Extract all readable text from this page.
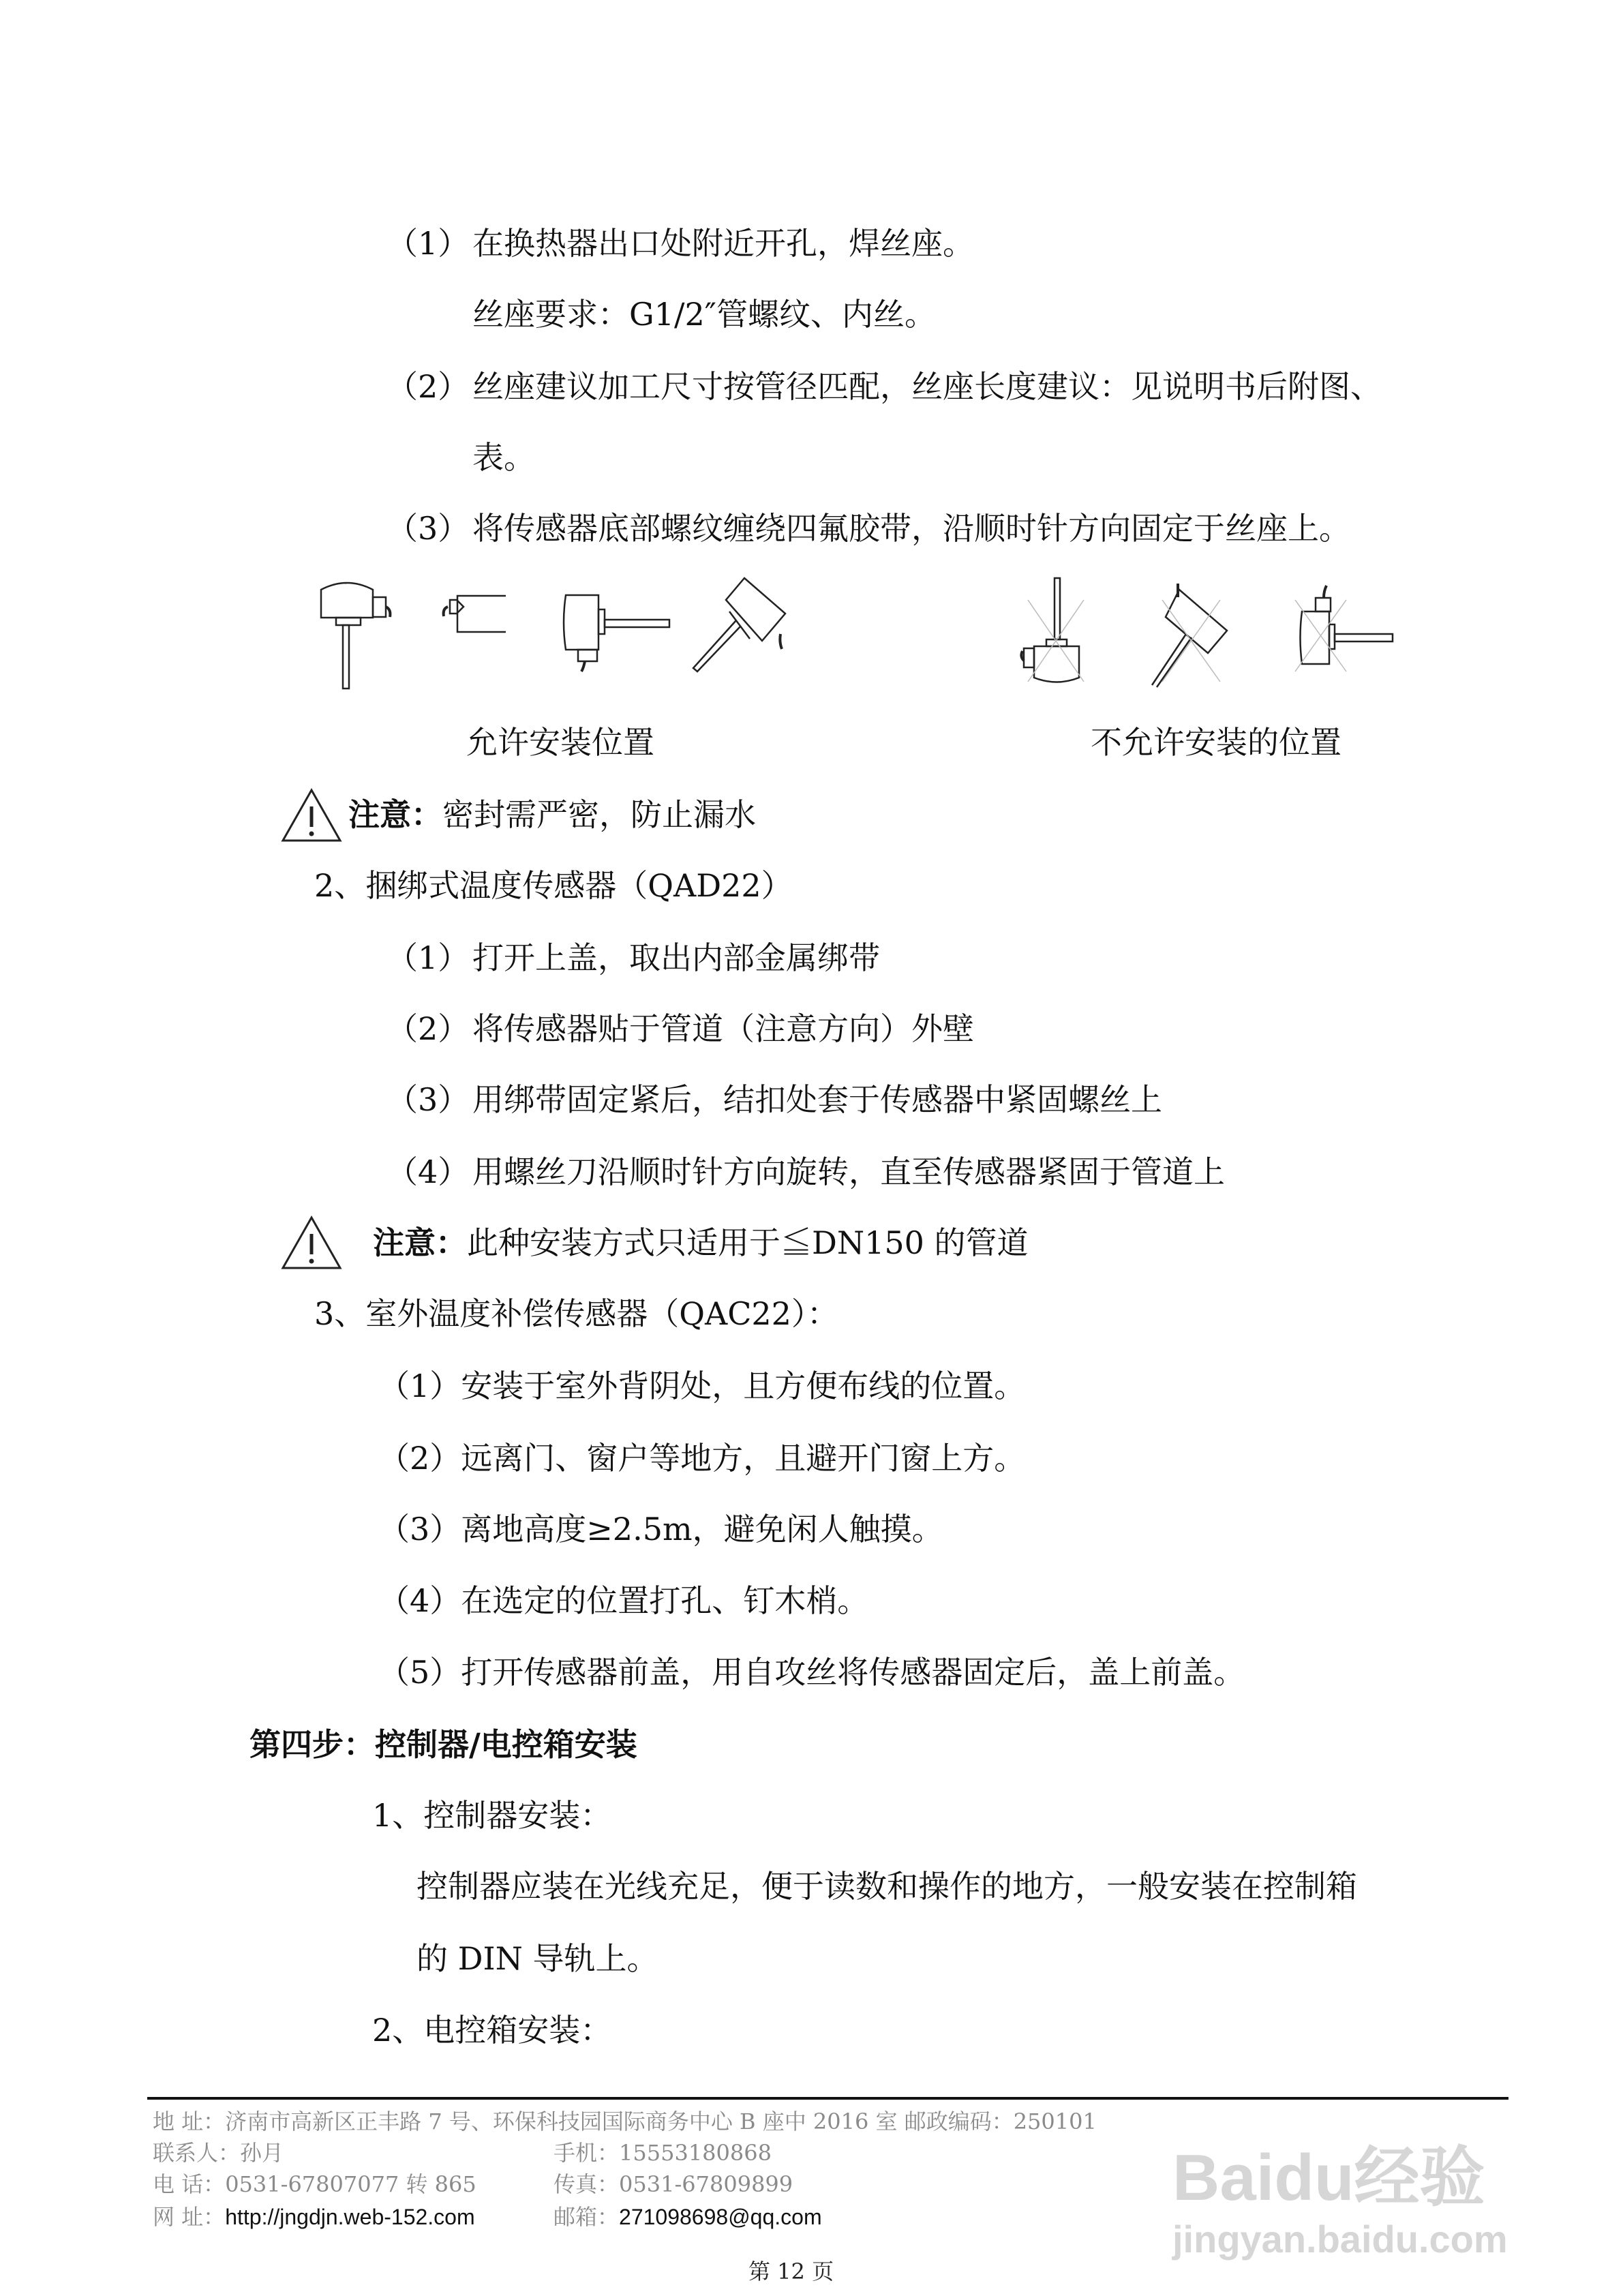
（1） 在换热器出口处附近开孔，焊丝座。
丝座要求：G1/2″管螺纹、内丝。
（2） 丝座建议加工尺寸按管径匹配，丝座长度建议：见说明书后附图、
表。
（3） 将传感器底部螺纹缠绕四氟胶带，沿顺时针方向固定于丝座上。
允许安装位置	不允许安装的位置
注意：密封需严密，防止漏水
2、捆绑式温度传感器（QAD22）
（1） 打开上盖，取出内部金属绑带
（2） 将传感器贴于管道（注意方向）外壁
（3） 用绑带固定紧后，结扣处套于传感器中紧固螺丝上
（4） 用螺丝刀沿顺时针方向旋转，直至传感器紧固于管道上
注意：此种安装方式只适用于≦DN150 的管道
3、室外温度补偿传感器（QAC22）：
（1）安装于室外背阴处，且方便布线的位置。
（2）远离门、窗户等地方，且避开门窗上方。
（3）离地高度≥2.5m，避免闲人触摸。
（4）在选定的位置打孔、钉木梢。
（5）打开传感器前盖，用自攻丝将传感器固定后，盖上前盖。
第四步：控制器/电控箱安装
1、控制器安装：
控制器应装在光线充足，便于读数和操作的地方，一般安装在控制箱
的 DIN 导轨上。
2、电控箱安装：
Baidu经验
jingyan.baidu.com
地 址：济南市高新区正丰路 7 号、环保科技园国际商务中心 B 座中 2016 室 邮政编码：250101
联系人：孙月	手机：15553180868
电 话：0531-67807077 转 865	传真：0531-67809899
网 址：http://jngdjn.web-152.com	邮箱：271098698@qq.com
第 12 页
